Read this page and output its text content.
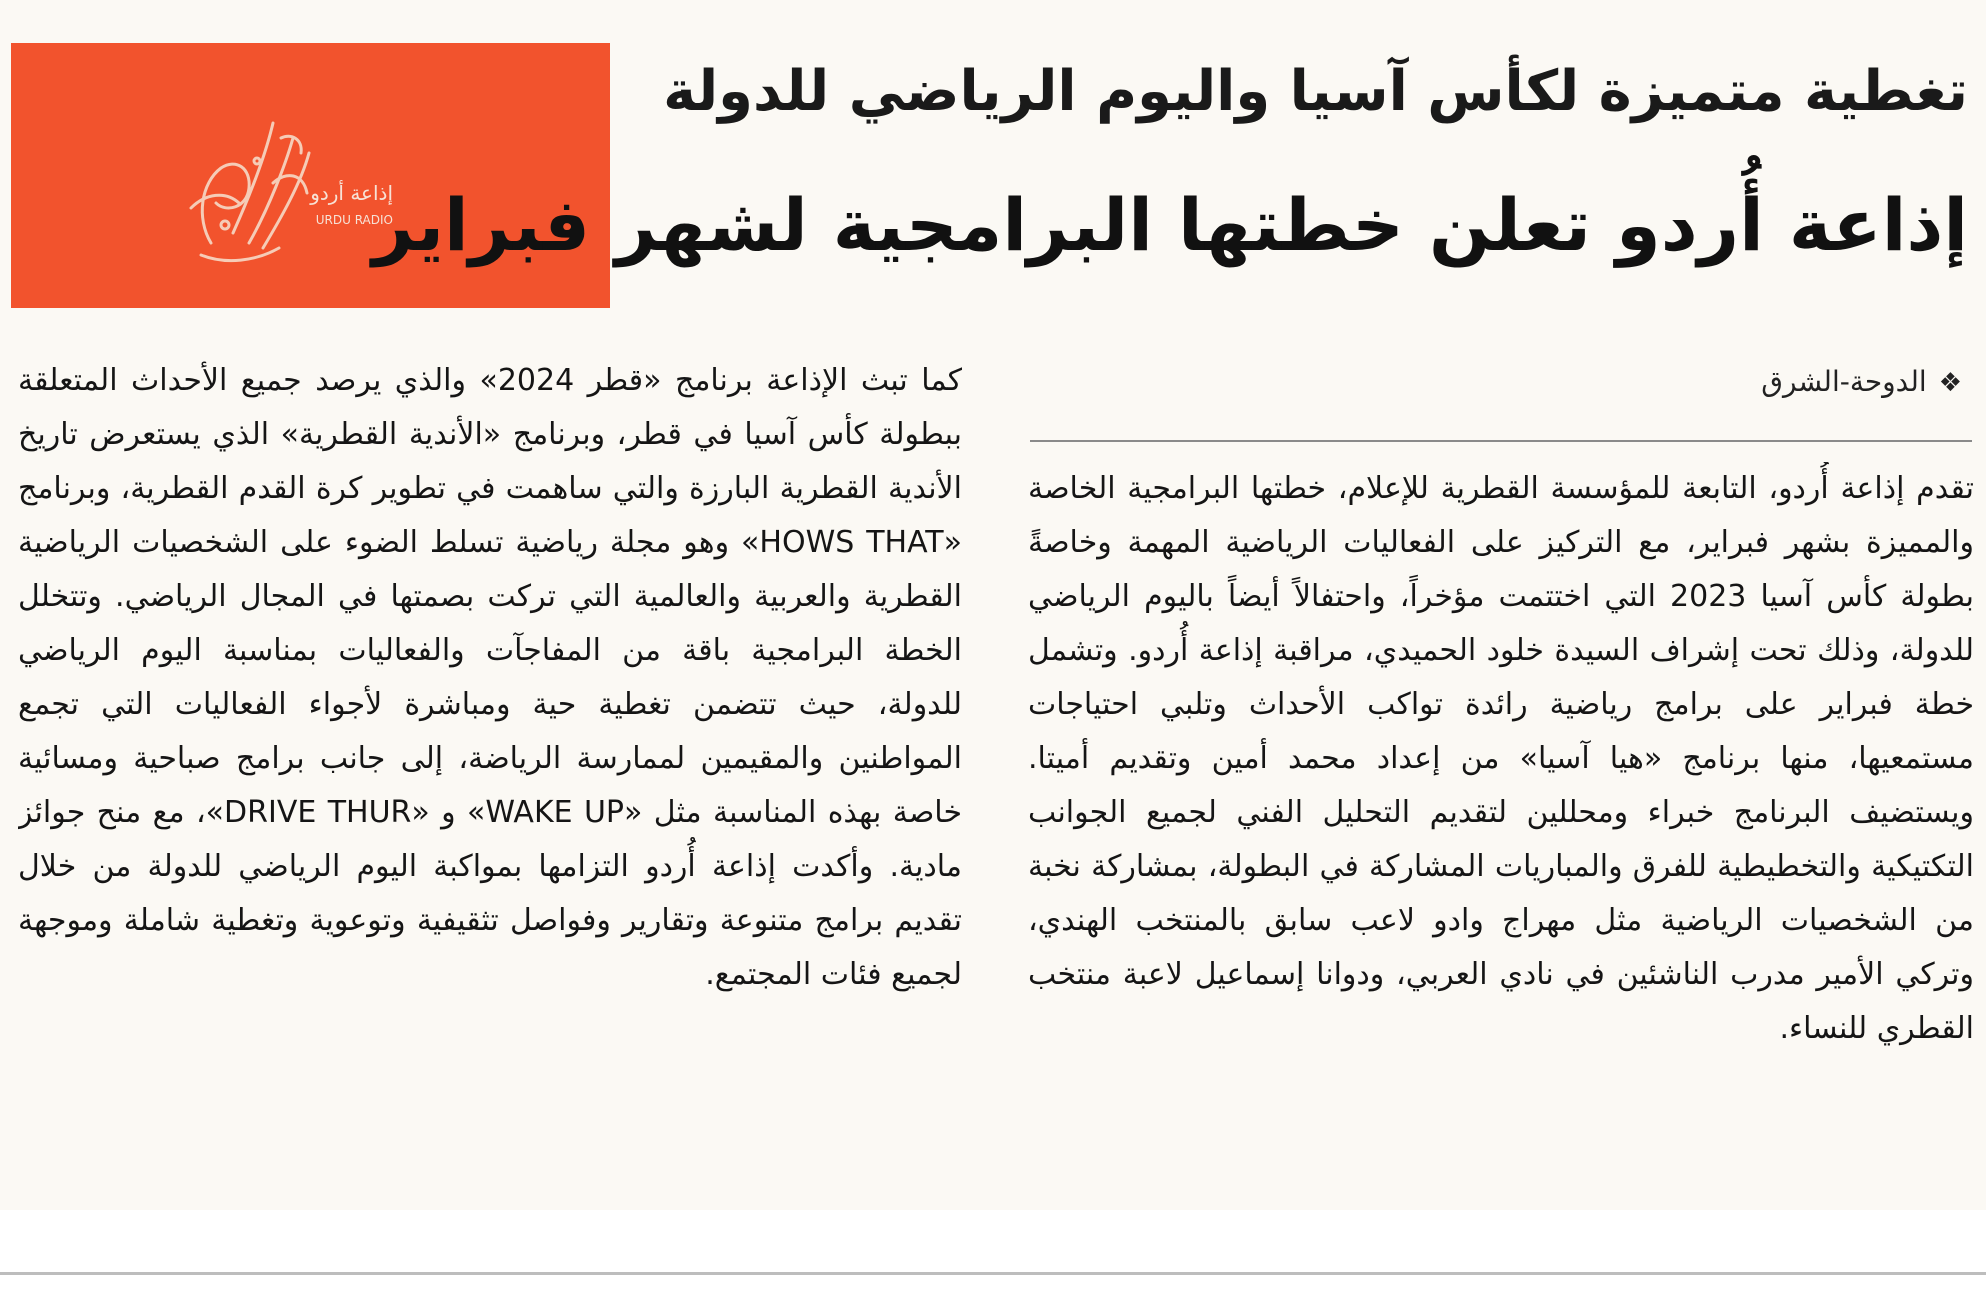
إذاعة أردو
URDU RADIO
تغطية متميزة لكأس آسيا واليوم الرياضي للدولة
إذاعة أُردو تعلن خطتها البرامجية لشهر فبراير
❖الدوحة-الشرق
تقدم إذاعة أُردو، التابعة للمؤسسة القطرية للإعلام، خطتها البرامجية الخاصة والمميزة بشهر فبراير، مع التركيز على الفعاليات الرياضية المهمة وخاصةً بطولة كأس آسيا 2023 التي اختتمت مؤخراً، واحتفالاً أيضاً باليوم الرياضي للدولة، وذلك تحت إشراف السيدة خلود الحميدي، مراقبة إذاعة أُردو. وتشمل خطة فبراير على برامج رياضية رائدة تواكب الأحداث وتلبي احتياجات مستمعيها، منها برنامج «هيا آسيا» من إعداد محمد أمين وتقديم أميتا. ويستضيف البرنامج خبراء ومحللين لتقديم التحليل الفني لجميع الجوانب التكتيكية والتخطيطية للفرق والمباريات المشاركة في البطولة، بمشاركة نخبة من الشخصيات الرياضية مثل مهراج وادو لاعب سابق بالمنتخب الهندي، وتركي الأمير مدرب الناشئين في نادي العربي، ودوانا إسماعيل لاعبة منتخب القطري للنساء.
كما تبث الإذاعة برنامج «قطر 2024» والذي يرصد جميع الأحداث المتعلقة ببطولة كأس آسيا في قطر، وبرنامج «الأندية القطرية» الذي يستعرض تاريخ الأندية القطرية البارزة والتي ساهمت في تطوير كرة القدم القطرية، وبرنامج «HOWS THAT» وهو مجلة رياضية تسلط الضوء على الشخصيات الرياضية القطرية والعربية والعالمية التي تركت بصمتها في المجال الرياضي. وتتخلل الخطة البرامجية باقة من المفاجآت والفعاليات بمناسبة اليوم الرياضي للدولة، حيث تتضمن تغطية حية ومباشرة لأجواء الفعاليات التي تجمع المواطنين والمقيمين لممارسة الرياضة، إلى جانب برامج صباحية ومسائية خاصة بهذه المناسبة مثل «WAKE UP» و «DRIVE THUR»، مع منح جوائز مادية. وأكدت إذاعة أُردو التزامها بمواكبة اليوم الرياضي للدولة من خلال تقديم برامج متنوعة وتقارير وفواصل تثقيفية وتوعوية وتغطية شاملة وموجهة لجميع فئات المجتمع.
